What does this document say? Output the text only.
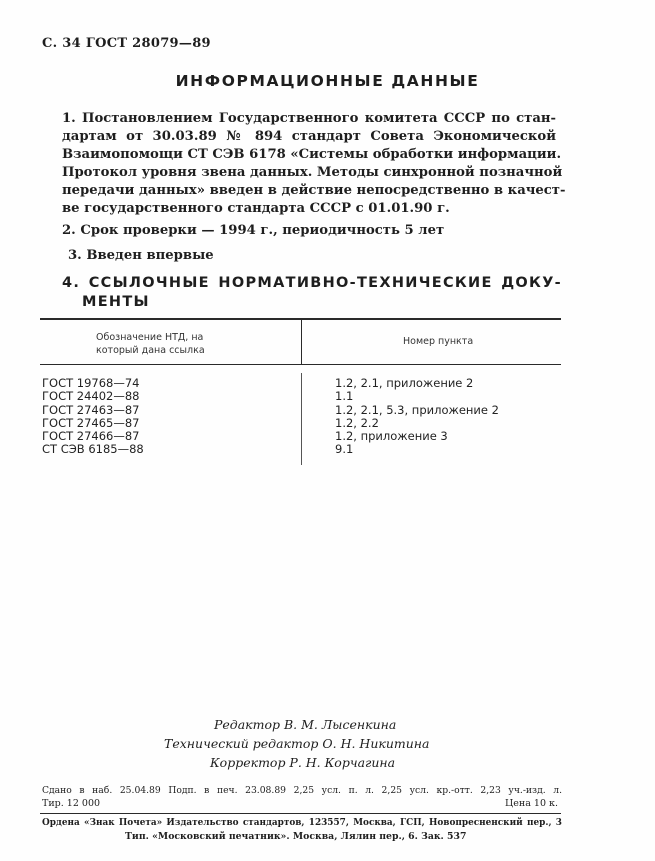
С. 34 ГОСТ 28079—89
ИНФОРМАЦИОННЫЕ ДАННЫЕ
1. Постановлением Государственного комитета СССР по стан-
дартам от 30.03.89 № 894 стандарт Совета Экономической
Взаимопомощи СТ СЭВ 6178 «Системы обработки информации.
Протокол уровня звена данных. Методы синхронной позначной
передачи данных» введен в действие непосредственно в качест-
ве государственного стандарта СССР с 01.01.90 г.
2. Срок проверки — 1994 г., периодичность 5 лет
3. Введен впервые
4. ССЫЛОЧНЫЕ НОРМАТИВНО-ТЕХНИЧЕСКИЕ ДОКУ-
МЕНТЫ
Обозначение НТД, на
который дана ссылка
Номер пункта
ГОСТ 19768—74
ГОСТ 24402—88
ГОСТ 27463—87
ГОСТ 27465—87
ГОСТ 27466—87
СТ СЭВ 6185—88
1.2, 2.1, приложение 2
1.1
1.2, 2.1, 5.3, приложение 2
1.2, 2.2
1.2, приложение 3
9.1
Редактор В. М. Лысенкина
Технический редактор О. Н. Никитина
Корректор Р. Н. Корчагина
Сдано в наб. 25.04.89 Подп. в печ. 23.08.89 2,25 усл. п. л. 2,25 усл. кр.-отт. 2,23 уч.-изд. л.
Тир. 12 000	Цена 10 к.
Ордена «Знак Почета» Издательство стандартов, 123557, Москва, ГСП, Новопресненский пер., 3
Тип. «Московский печатник». Москва, Лялин пер., 6. Зак. 537
